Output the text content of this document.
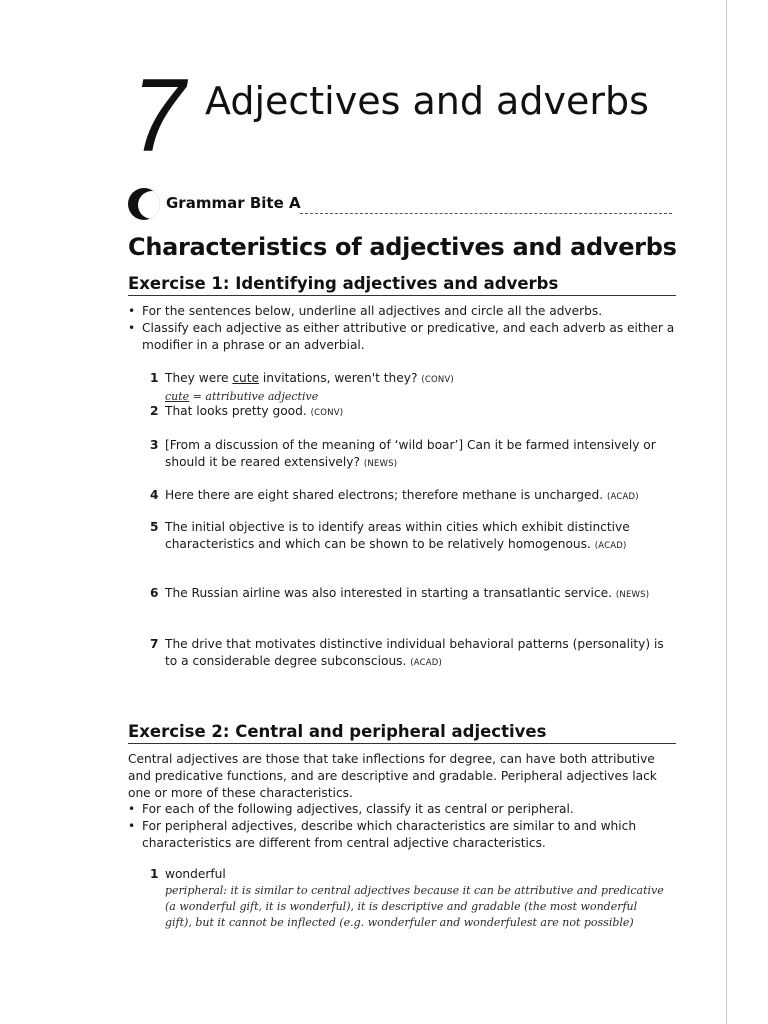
7 Adjectives and adverbs
Grammar Bite A
Characteristics of adjectives and adverbs
Exercise 1: Identifying adjectives and adverbs
• For the sentences below, underline all adjectives and circle all the adverbs.
• Classify each adjective as either attributive or predicative, and each adverb as either a modifier in a phrase or an adverbial.
1 They were cute invitations, weren't they? (CONV)
cute = attributive adjective
2 That looks pretty good. (CONV)
3 [From a discussion of the meaning of ‘wild boar’] Can it be farmed intensively or should it be reared extensively? (NEWS)
4 Here there are eight shared electrons; therefore methane is uncharged. (ACAD)
5 The initial objective is to identify areas within cities which exhibit distinctive characteristics and which can be shown to be relatively homogenous. (ACAD)
6 The Russian airline was also interested in starting a transatlantic service. (NEWS)
7 The drive that motivates distinctive individual behavioral patterns (personality) is to a considerable degree subconscious. (ACAD)
Exercise 2: Central and peripheral adjectives
Central adjectives are those that take inflections for degree, can have both attributive and predicative functions, and are descriptive and gradable. Peripheral adjectives lack one or more of these characteristics.
• For each of the following adjectives, classify it as central or peripheral.
• For peripheral adjectives, describe which characteristics are similar to and which characteristics are different from central adjective characteristics.
1 wonderful
peripheral: it is similar to central adjectives because it can be attributive and predicative (a wonderful gift, it is wonderful), it is descriptive and gradable (the most wonderful gift), but it cannot be inflected (e.g. wonderfuler and wonderfulest are not possible)
